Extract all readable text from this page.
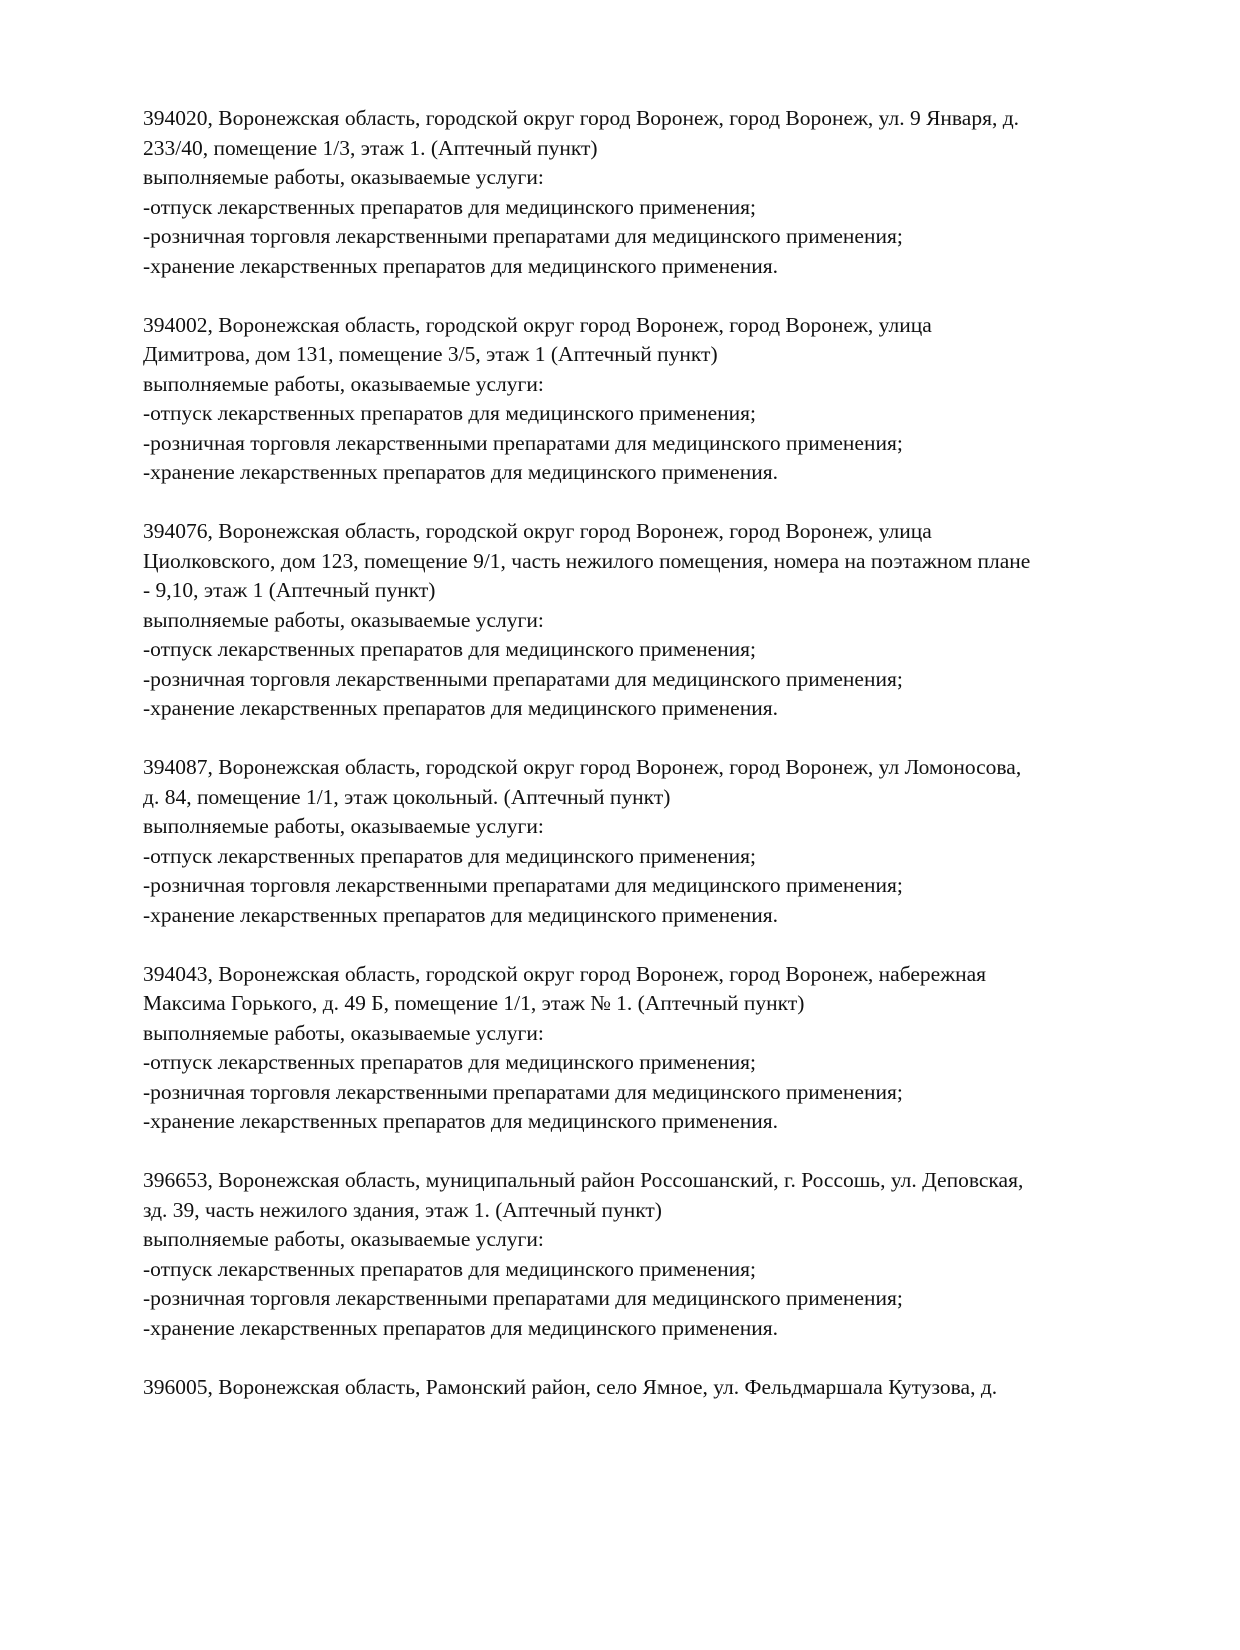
394020, Воронежская область, городской округ город Воронеж, город Воронеж, ул. 9 Января, д.
233/40, помещение 1/3, этаж 1. (Аптечный пункт)
выполняемые работы, оказываемые услуги:
-отпуск лекарственных препаратов для медицинского применения;
-розничная торговля лекарственными препаратами для медицинского применения;
-хранение лекарственных препаратов для медицинского применения.
394002, Воронежская область, городской округ город Воронеж, город Воронеж, улица
Димитрова, дом 131, помещение 3/5, этаж 1 (Аптечный пункт)
выполняемые работы, оказываемые услуги:
-отпуск лекарственных препаратов для медицинского применения;
-розничная торговля лекарственными препаратами для медицинского применения;
-хранение лекарственных препаратов для медицинского применения.
394076, Воронежская область, городской округ город Воронеж, город Воронеж, улица
Циолковского, дом 123, помещение 9/1, часть нежилого помещения, номера на поэтажном плане
- 9,10, этаж 1 (Аптечный пункт)
выполняемые работы, оказываемые услуги:
-отпуск лекарственных препаратов для медицинского применения;
-розничная торговля лекарственными препаратами для медицинского применения;
-хранение лекарственных препаратов для медицинского применения.
394087, Воронежская область, городской округ город Воронеж, город Воронеж, ул Ломоносова,
д. 84, помещение 1/1, этаж цокольный. (Аптечный пункт)
выполняемые работы, оказываемые услуги:
-отпуск лекарственных препаратов для медицинского применения;
-розничная торговля лекарственными препаратами для медицинского применения;
-хранение лекарственных препаратов для медицинского применения.
394043, Воронежская область, городской округ город Воронеж, город Воронеж, набережная
Максима Горького, д. 49 Б, помещение 1/1, этаж № 1. (Аптечный пункт)
выполняемые работы, оказываемые услуги:
-отпуск лекарственных препаратов для медицинского применения;
-розничная торговля лекарственными препаратами для медицинского применения;
-хранение лекарственных препаратов для медицинского применения.
396653, Воронежская область, муниципальный район Россошанский, г. Россошь, ул. Деповская,
зд. 39, часть нежилого здания, этаж 1. (Аптечный пункт)
выполняемые работы, оказываемые услуги:
-отпуск лекарственных препаратов для медицинского применения;
-розничная торговля лекарственными препаратами для медицинского применения;
-хранение лекарственных препаратов для медицинского применения.
396005, Воронежская область, Рамонский район, село Ямное, ул. Фельдмаршала Кутузова, д.
